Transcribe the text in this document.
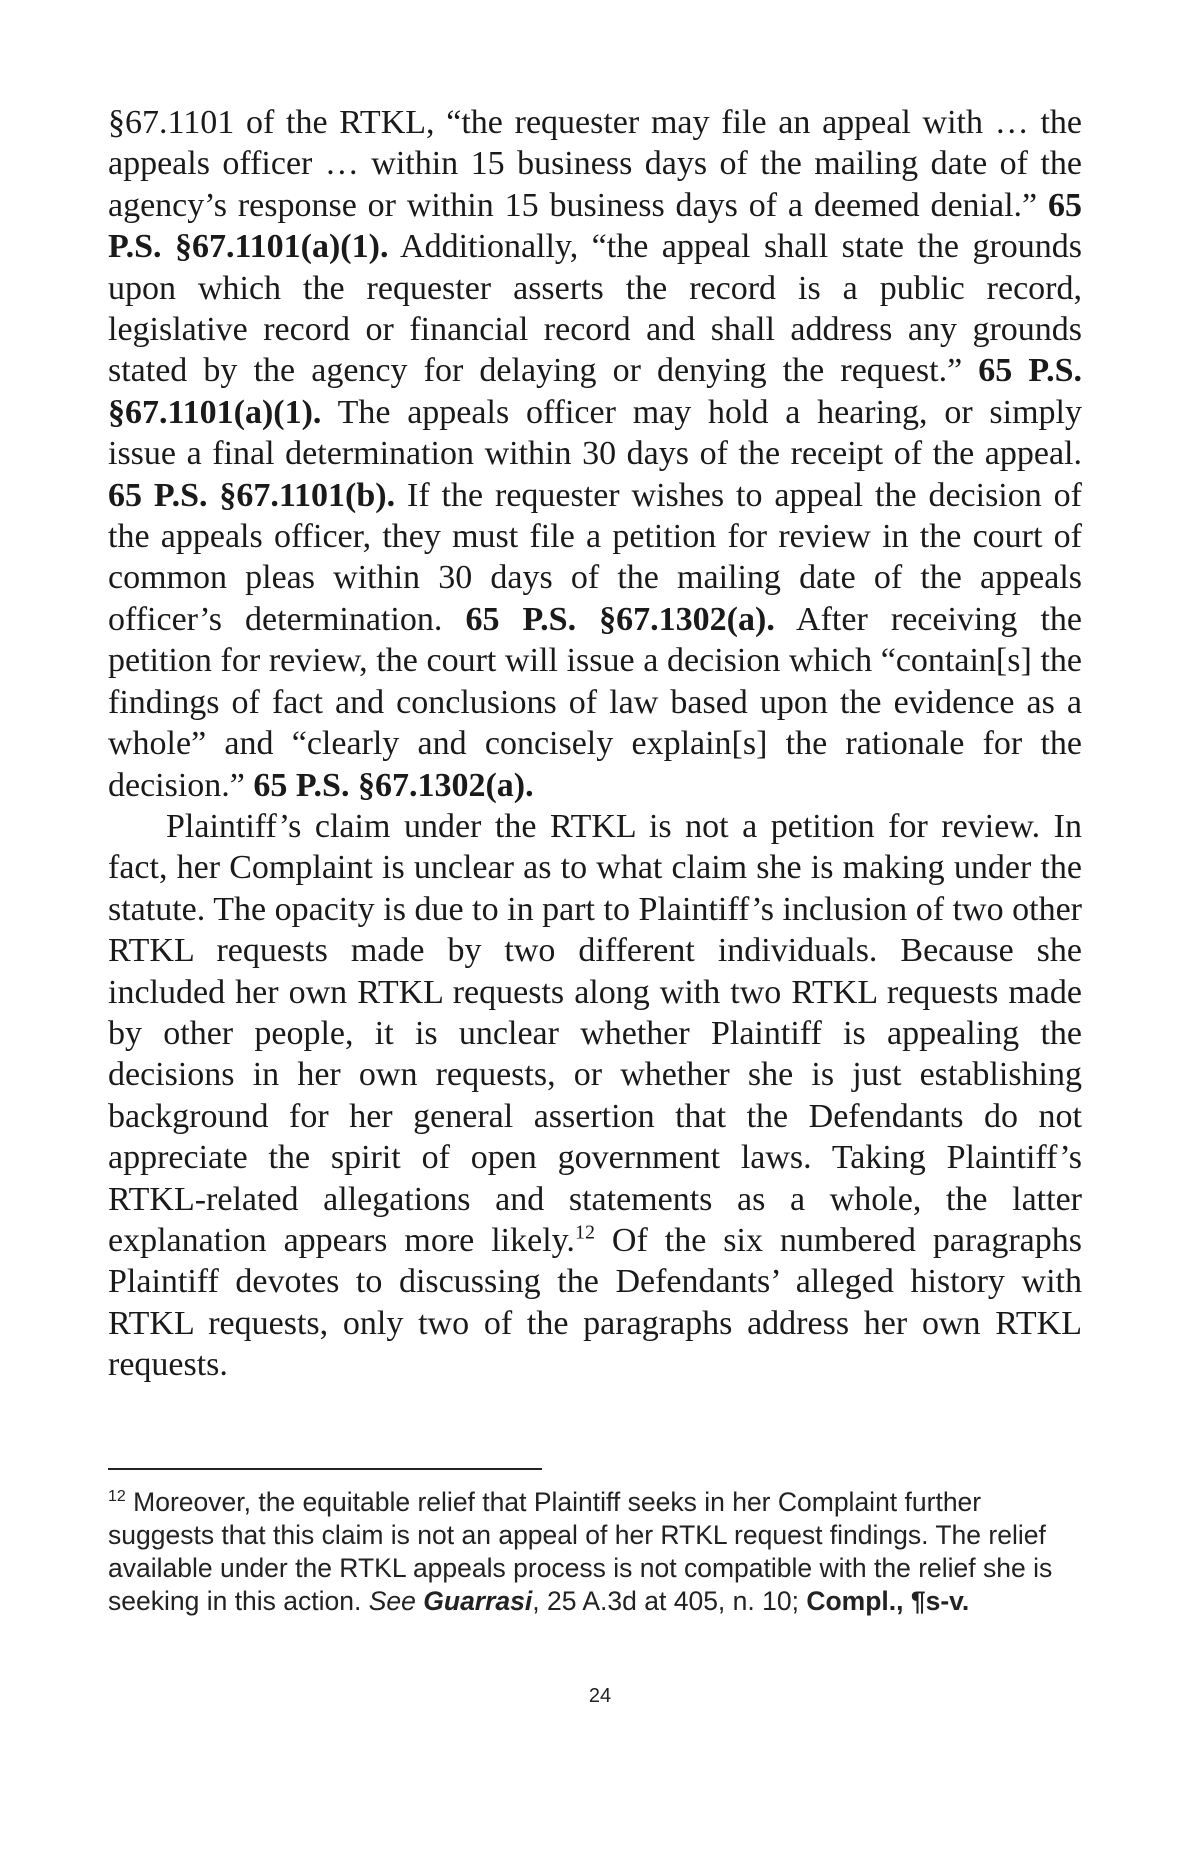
§67.1101 of the RTKL, “the requester may file an appeal with … the appeals officer … within 15 business days of the mailing date of the agency’s response or within 15 business days of a deemed denial.” 65 P.S. §67.1101(a)(1). Additionally, “the appeal shall state the grounds upon which the requester asserts the record is a public record, legislative record or financial record and shall address any grounds stated by the agency for delaying or denying the request.” 65 P.S. §67.1101(a)(1). The appeals officer may hold a hearing, or simply issue a final determination within 30 days of the receipt of the appeal. 65 P.S. §67.1101(b). If the requester wishes to appeal the decision of the appeals officer, they must file a petition for review in the court of common pleas within 30 days of the mailing date of the appeals officer’s determination. 65 P.S. §67.1302(a). After receiving the petition for review, the court will issue a decision which “contain[s] the findings of fact and conclusions of law based upon the evidence as a whole” and “clearly and concisely explain[s] the rationale for the decision.” 65 P.S. §67.1302(a).

Plaintiff’s claim under the RTKL is not a petition for review. In fact, her Complaint is unclear as to what claim she is making under the statute. The opacity is due to in part to Plaintiff’s inclusion of two other RTKL requests made by two different individuals. Because she included her own RTKL requests along with two RTKL requests made by other people, it is unclear whether Plaintiff is appealing the decisions in her own requests, or whether she is just establishing background for her general assertion that the Defendants do not appreciate the spirit of open government laws. Taking Plaintiff’s RTKL-related allegations and statements as a whole, the latter explanation appears more likely.$^{12}$ Of the six numbered paragraphs Plaintiff devotes to discussing the Defendants’ alleged history with RTKL requests, only two of the paragraphs address her own RTKL requests.

$^{12}$ Moreover, the equitable relief that Plaintiff seeks in her Complaint further suggests that this claim is not an appeal of her RTKL request findings. The relief available under the RTKL appeals process is not compatible with the relief she is seeking in this action. See Guarrasi, 25 A.3d at 405, n. 10; Compl., ¶s-v.
24
